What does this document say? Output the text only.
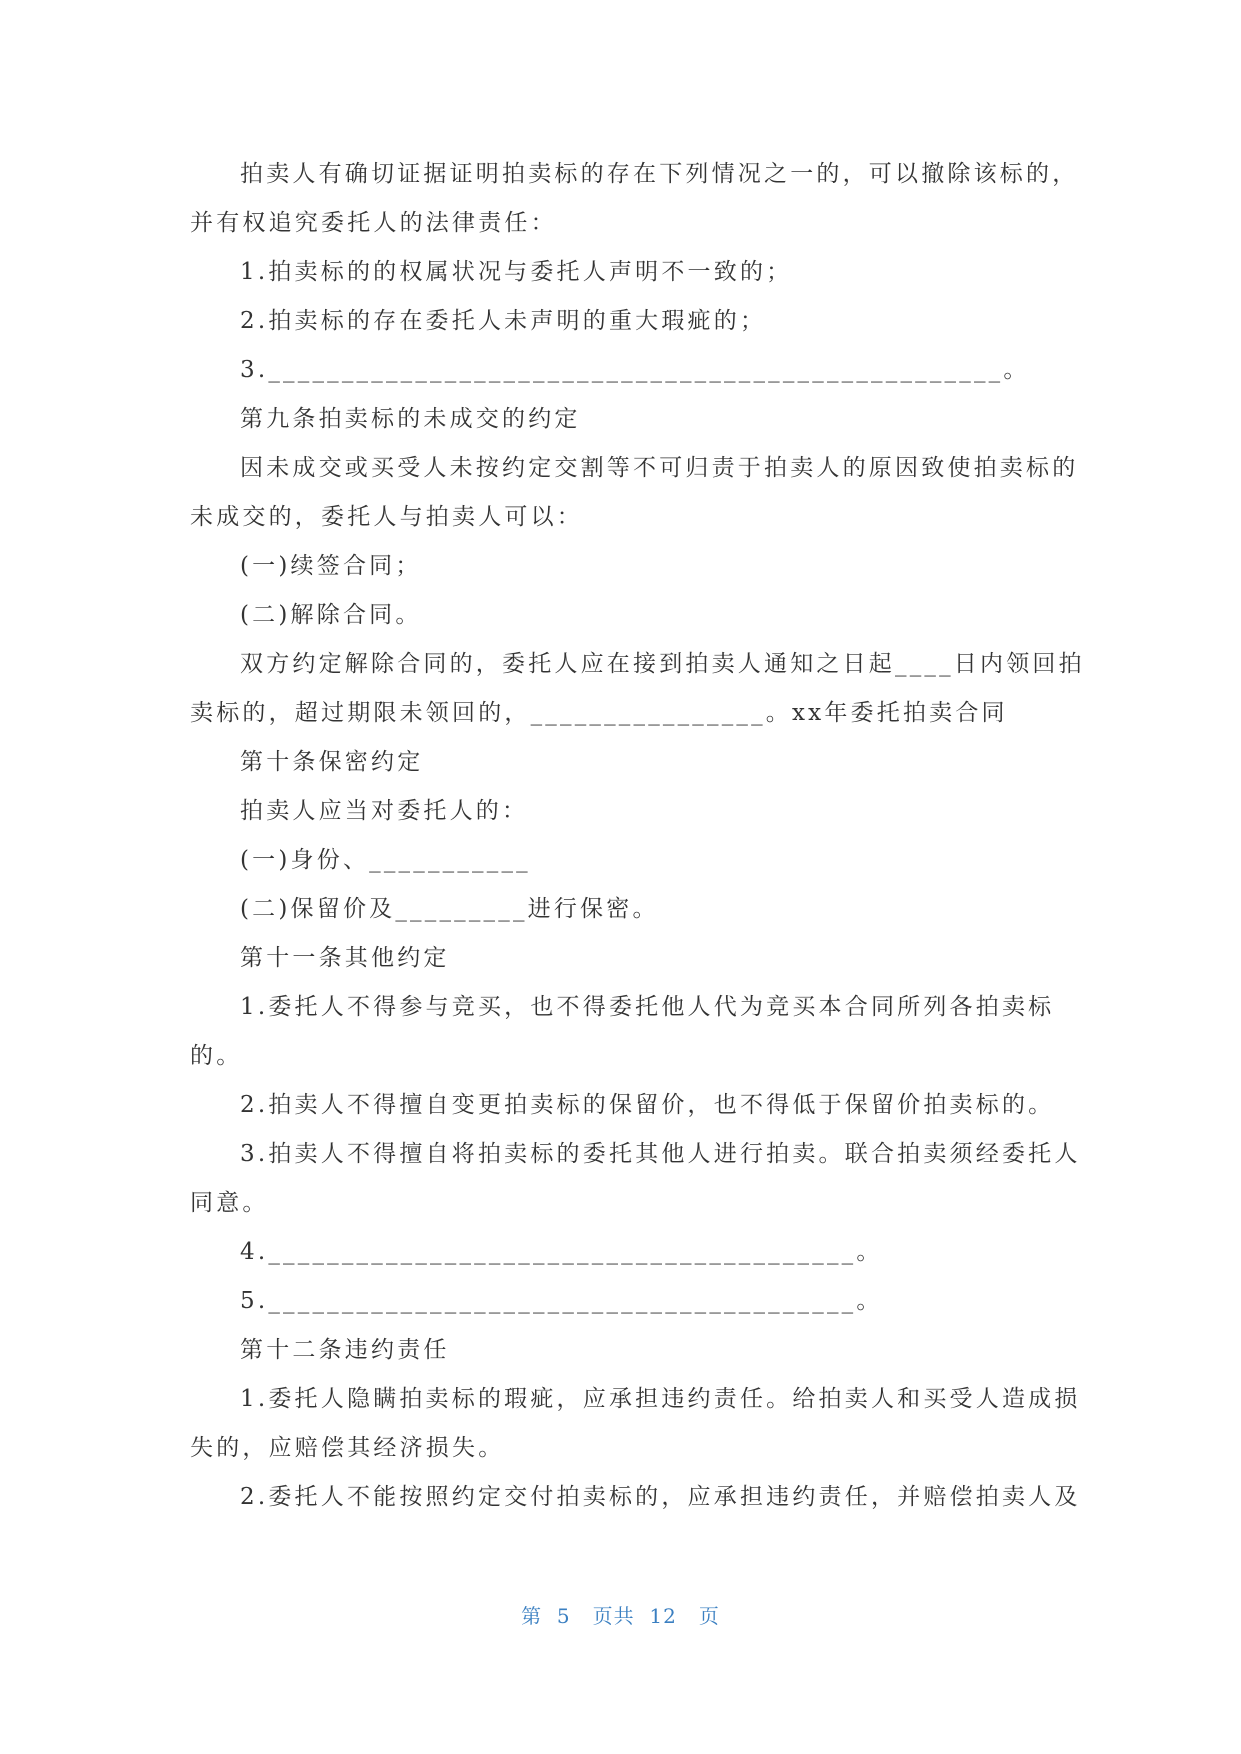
拍卖人有确切证据证明拍卖标的存在下列情况之一的，可以撤除该标的，
并有权追究委托人的法律责任：
1.拍卖标的的权属状况与委托人声明不一致的；
2.拍卖标的存在委托人未声明的重大瑕疵的；
3.__________________________________________________。
第九条拍卖标的未成交的约定
因未成交或买受人未按约定交割等不可归责于拍卖人的原因致使拍卖标的
未成交的，委托人与拍卖人可以：
(一)续签合同；
(二)解除合同。
双方约定解除合同的，委托人应在接到拍卖人通知之日起____日内领回拍
卖标的，超过期限未领回的，________________。xx年委托拍卖合同
第十条保密约定
拍卖人应当对委托人的：
(一)身份、___________
(二)保留价及_________进行保密。
第十一条其他约定
1.委托人不得参与竞买，也不得委托他人代为竞买本合同所列各拍卖标
的。
2.拍卖人不得擅自变更拍卖标的保留价，也不得低于保留价拍卖标的。
3.拍卖人不得擅自将拍卖标的委托其他人进行拍卖。联合拍卖须经委托人
同意。
4.________________________________________。
5.________________________________________。
第十二条违约责任
1.委托人隐瞒拍卖标的瑕疵，应承担违约责任。给拍卖人和买受人造成损
失的，应赔偿其经济损失。
2.委托人不能按照约定交付拍卖标的，应承担违约责任，并赔偿拍卖人及
第  5   页共  12   页
